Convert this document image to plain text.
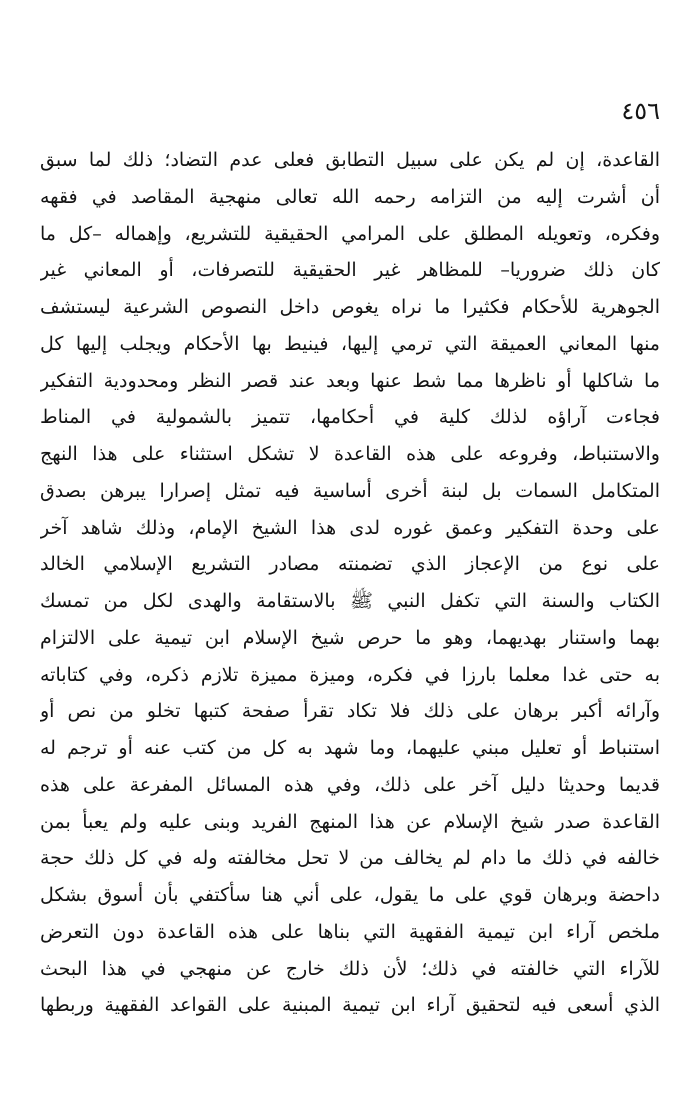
٤٥٦
القاعدة، إن لم يكن على سبيل التطابق فعلى عدم التضاد؛ ذلك لما سبق
أن أشرت إليه من التزامه رحمه الله تعالى منهجية المقاصد في فقهه
وفكره، وتعويله المطلق على المرامي الحقيقية للتشريع، وإهماله –كل ما
كان ذلك ضروريا– للمظاهر غير الحقيقية للتصرفات، أو المعاني غير
الجوهرية للأحكام فكثيرا ما نراه يغوص داخل النصوص الشرعية ليستشف
منها المعاني العميقة التي ترمي إليها، فينيط بها الأحكام ويجلب إليها كل
ما شاكلها أو ناظرها مما شط عنها وبعد عند قصر النظر ومحدودية التفكير
فجاءت آراؤه لذلك كلية في أحكامها، تتميز بالشمولية في المناط
والاستنباط، وفروعه على هذه القاعدة لا تشكل استثناء على هذا النهج
المتكامل السمات بل لبنة أخرى أساسية فيه تمثل إصرارا يبرهن بصدق
على وحدة التفكير وعمق غوره لدى هذا الشيخ الإمام، وذلك شاهد آخر
على نوع من الإعجاز الذي تضمنته مصادر التشريع الإسلامي الخالد
الكتاب والسنة التي تكفل النبي ﷺ بالاستقامة والهدى لكل من تمسك
بهما واستنار بهديهما، وهو ما حرص شيخ الإسلام ابن تيمية على الالتزام
به حتى غدا معلما بارزا في فكره، وميزة مميزة تلازم ذكره، وفي كتاباته
وآرائه أكبر برهان على ذلك فلا تكاد تقرأ صفحة كتبها تخلو من نص أو
استنباط أو تعليل مبني عليهما، وما شهد به كل من كتب عنه أو ترجم له
قديما وحديثا دليل آخر على ذلك، وفي هذه المسائل المفرعة على هذه
القاعدة صدر شيخ الإسلام عن هذا المنهج الفريد وبنى عليه ولم يعبأ بمن
خالفه في ذلك ما دام لم يخالف من لا تحل مخالفته وله في كل ذلك حجة
داحضة وبرهان قوي على ما يقول، على أني هنا سأكتفي بأن أسوق بشكل
ملخص آراء ابن تيمية الفقهية التي بناها على هذه القاعدة دون التعرض
للآراء التي خالفته في ذلك؛ لأن ذلك خارج عن منهجي في هذا البحث
الذي أسعى فيه لتحقيق آراء ابن تيمية المبنية على القواعد الفقهية وربطها
